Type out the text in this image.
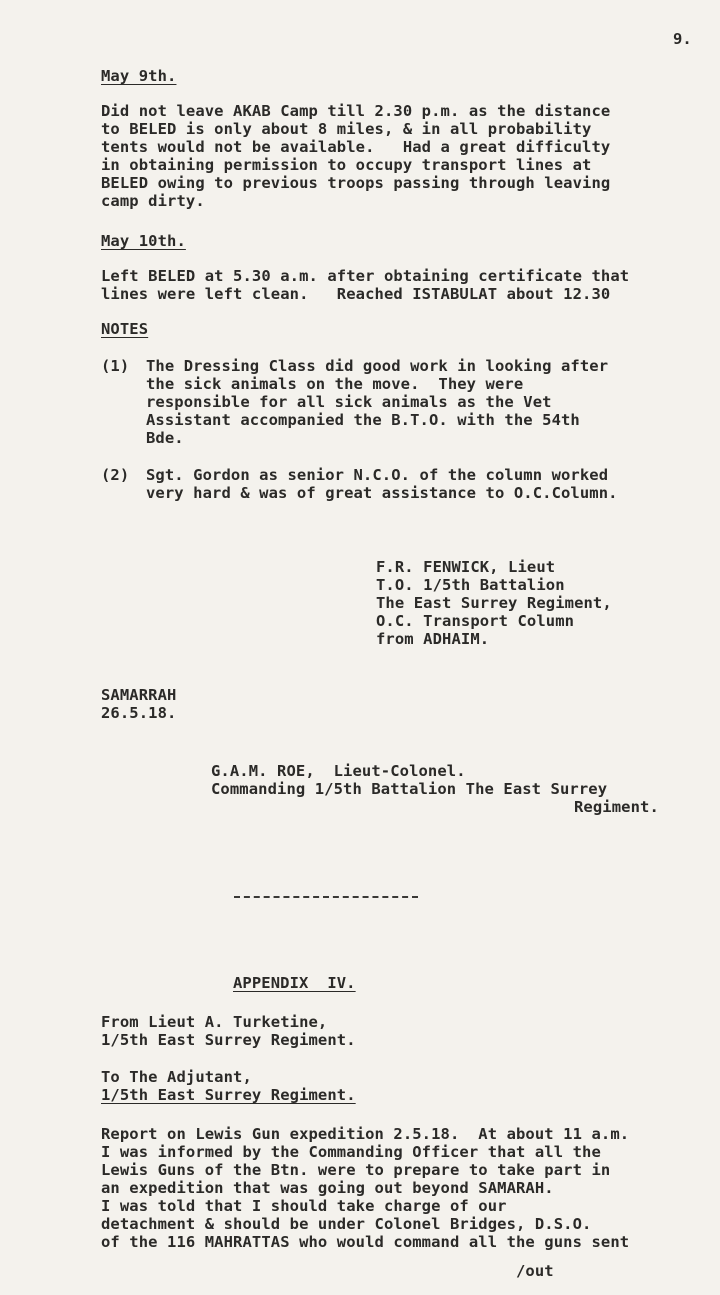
9.
May 9th.
Did not leave AKAB Camp till 2.30 p.m. as the distance
to BELED is only about 8 miles, & in all probability
tents would not be available.   Had a great difficulty
in obtaining permission to occupy transport lines at
BELED owing to previous troops passing through leaving
camp dirty.
May 10th.
Left BELED at 5.30 a.m. after obtaining certificate that
lines were left clean.   Reached ISTABULAT about 12.30
NOTES
(1) The Dressing Class did good work in looking after
the sick animals on the move.  They were
responsible for all sick animals as the Vet
Assistant accompanied the B.T.O. with the 54th
Bde.
(2) Sgt. Gordon as senior N.C.O. of the column worked
very hard & was of great assistance to O.C.Column.
F.R. FENWICK, Lieut
T.O. 1/5th Battalion
The East Surrey Regiment,
O.C. Transport Column
from ADHAIM.
SAMARRAH
26.5.18.
G.A.M. ROE,  Lieut-Colonel.
Commanding 1/5th Battalion The East Surrey
Regiment.
APPENDIX  IV.
From Lieut A. Turketine,
1/5th East Surrey Regiment.
To The Adjutant,
1/5th East Surrey Regiment.
Report on Lewis Gun expedition 2.5.18.  At about 11 a.m.
I was informed by the Commanding Officer that all the
Lewis Guns of the Btn. were to prepare to take part in
an expedition that was going out beyond SAMARAH.
I was told that I should take charge of our
detachment & should be under Colonel Bridges, D.S.O.
of the 116 MAHRATTAS who would command all the guns sent
/out
